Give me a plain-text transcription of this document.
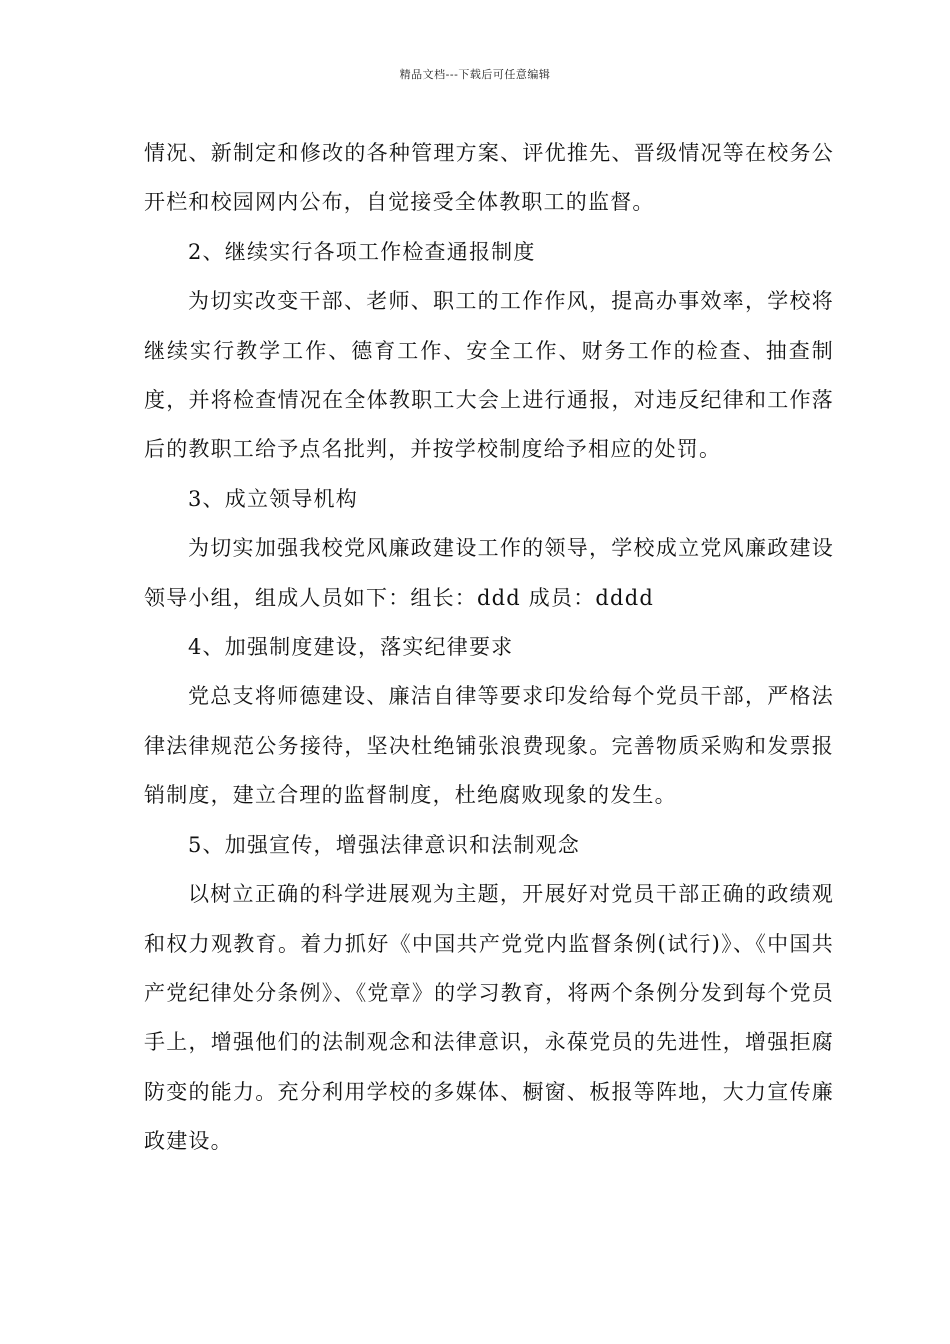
精品文档---下载后可任意编辑

情况、新制定和修改的各种管理方案、评优推先、晋级情况等在校务公开栏和校园网内公布，自觉接受全体教职工的监督。

2、继续实行各项工作检查通报制度

为切实改变干部、老师、职工的工作作风，提高办事效率，学校将继续实行教学工作、德育工作、安全工作、财务工作的检查、抽查制度，并将检查情况在全体教职工大会上进行通报，对违反纪律和工作落后的教职工给予点名批判，并按学校制度给予相应的处罚。

3、成立领导机构

为切实加强我校党风廉政建设工作的领导，学校成立党风廉政建设领导小组，组成人员如下：组长：ddd 成员：dddd

4、加强制度建设，落实纪律要求

党总支将师德建设、廉洁自律等要求印发给每个党员干部，严格法律法律规范公务接待，坚决杜绝铺张浪费现象。完善物质采购和发票报销制度，建立合理的监督制度，杜绝腐败现象的发生。

5、加强宣传，增强法律意识和法制观念

以树立正确的科学进展观为主题，开展好对党员干部正确的政绩观和权力观教育。着力抓好《中国共产党党内监督条例(试行)》、《中国共产党纪律处分条例》、《党章》的学习教育，将两个条例分发到每个党员手上，增强他们的法制观念和法律意识，永葆党员的先进性，增强拒腐防变的能力。充分利用学校的多媒体、橱窗、板报等阵地，大力宣传廉政建设。
